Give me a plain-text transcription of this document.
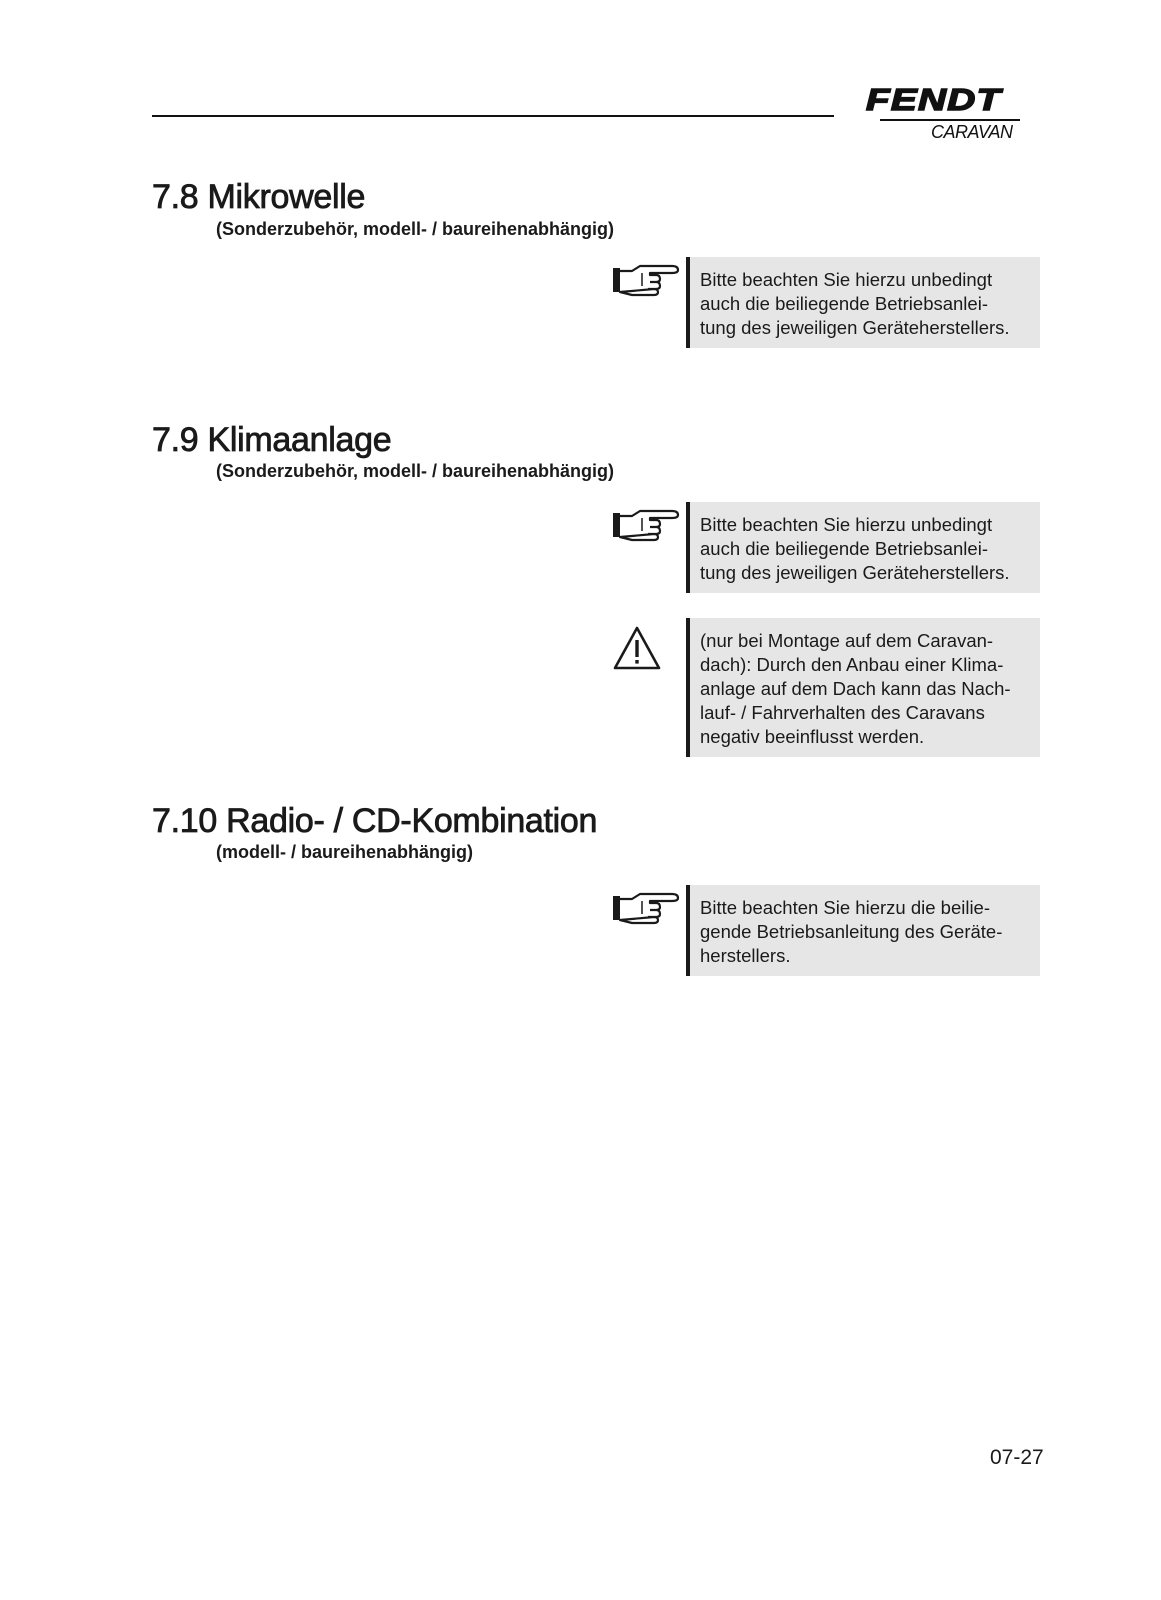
FENDT
CARAVAN
7.8 Mikrowelle

(Sonderzubehör, modell- / baureihenabhängig)

Bitte beachten Sie hierzu unbedingt
auch die beiliegende Betriebsanlei-
tung des jeweiligen Geräteherstellers.
7.9 Klimaanlage

(Sonderzubehör, modell- / baureihenabhängig)

Bitte beachten Sie hierzu unbedingt
auch die beiliegende Betriebsanlei-
tung des jeweiligen Geräteherstellers.
(nur bei Montage auf dem Caravan-
dach): Durch den Anbau einer Klima-
anlage auf dem Dach kann das Nach-
lauf- / Fahrverhalten des Caravans
negativ beeinflusst werden.
7.10 Radio- / CD-Kombination

(modell- / baureihenabhängig)

Bitte beachten Sie hierzu die beilie-
gende Betriebsanleitung des Geräte-
herstellers.
07-27
